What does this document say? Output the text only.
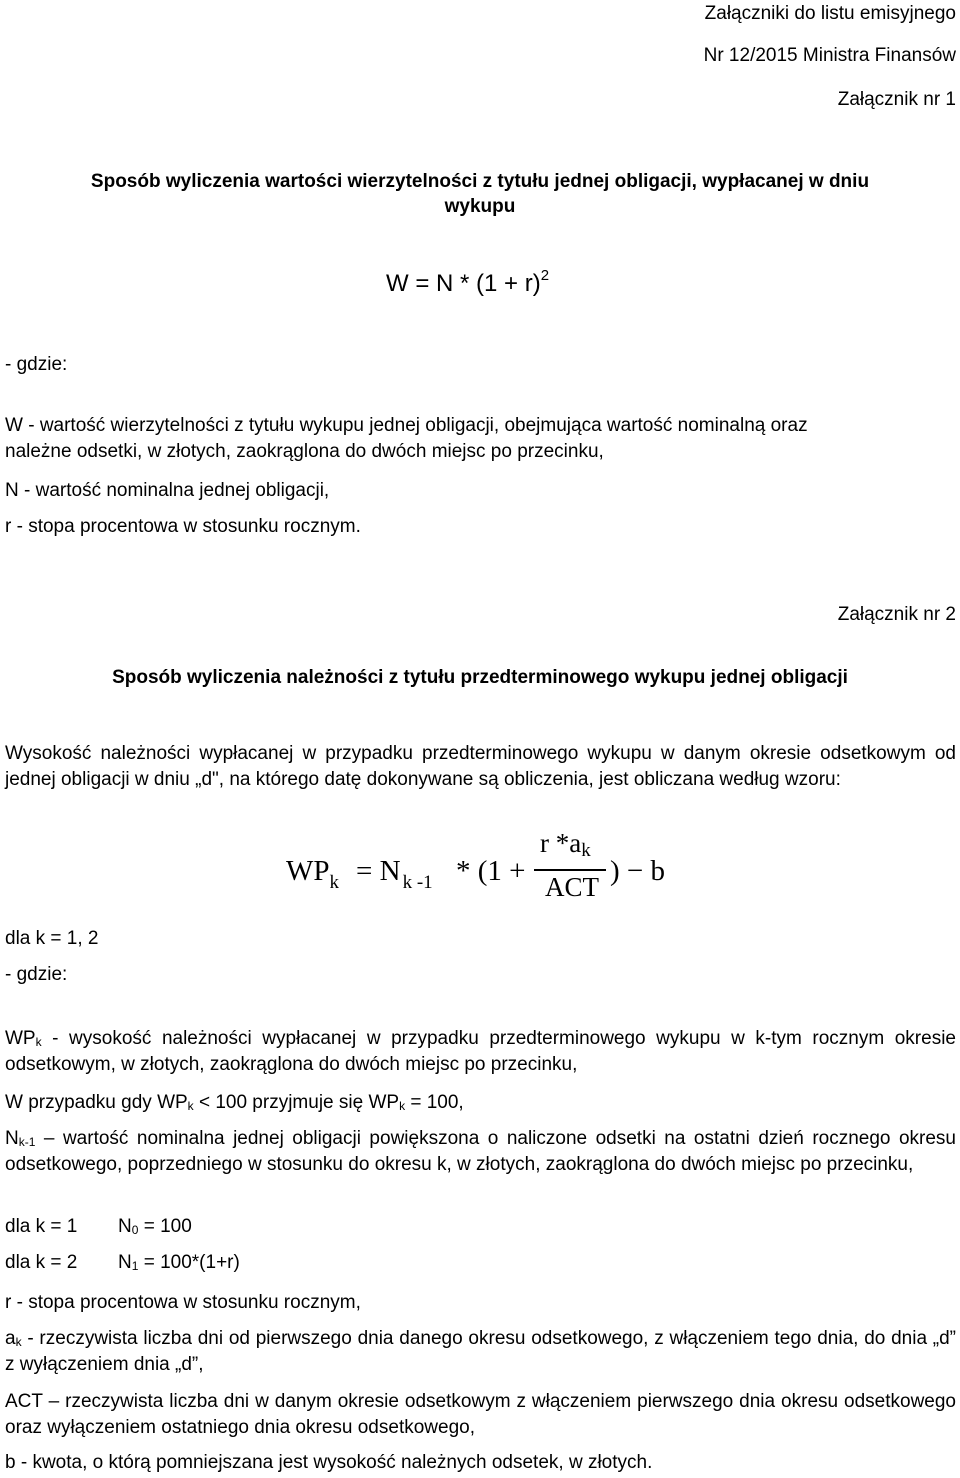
Załączniki do listu emisyjnego
Nr 12/2015 Ministra Finansów
Załącznik nr 1
Sposób wyliczenia wartości wierzytelności z tytułu jednej obligacji, wypłacanej w dniu
wykupu
$W = N * (1 + r)^2$
- gdzie:
W - wartość wierzytelności z tytułu wykupu jednej obligacji, obejmująca wartość nominalną oraz
należne odsetki, w złotych, zaokrąglona do dwóch miejsc po przecinku,
N - wartość nominalna jednej obligacji,
r - stopa procentowa w stosunku rocznym.
Załącznik nr 2
Sposób wyliczenia należności z tytułu przedterminowego wykupu jednej obligacji
Wysokość należności wypłacanej w przypadku przedterminowego wykupu w danym okresie odsetkowym od jednej obligacji w dniu „d", na którego datę dokonywane są obliczenia, jest obliczana według wzoru:
$WP_k = N$ $_{k -1}$ * (1 +
r *ak
ACT ) − b
dla k = 1, 2
- gdzie:
$WP_k$ - wysokość należności wypłacanej w przypadku przedterminowego wykupu w k-tym rocznym okresie odsetkowym, w złotych, zaokrąglona do dwóch miejsc po przecinku,
W przypadku gdy $WP_k < 100$ przyjmuje się $WP_k = 100$,
$N_{k-1}$ – wartość nominalna jednej obligacji powiększona o naliczone odsetki na ostatni dzień rocznego okresu odsetkowego, poprzedniego w stosunku do okresu k, w złotych, zaokrąglona do dwóch miejsc po przecinku,
dla k = 1 $N_0 = 100$
dla k = 2 $N_1 = 100*(1+r)$
r - stopa procentowa w stosunku rocznym,
$a_k$ - rzeczywista liczba dni od pierwszego dnia danego okresu odsetkowego, z włączeniem tego dnia, do dnia „d” z wyłączeniem dnia „d”,
ACT – rzeczywista liczba dni w danym okresie odsetkowym z włączeniem pierwszego dnia okresu odsetkowego oraz wyłączeniem ostatniego dnia okresu odsetkowego,
b - kwota, o którą pomniejszana jest wysokość należnych odsetek, w złotych.
